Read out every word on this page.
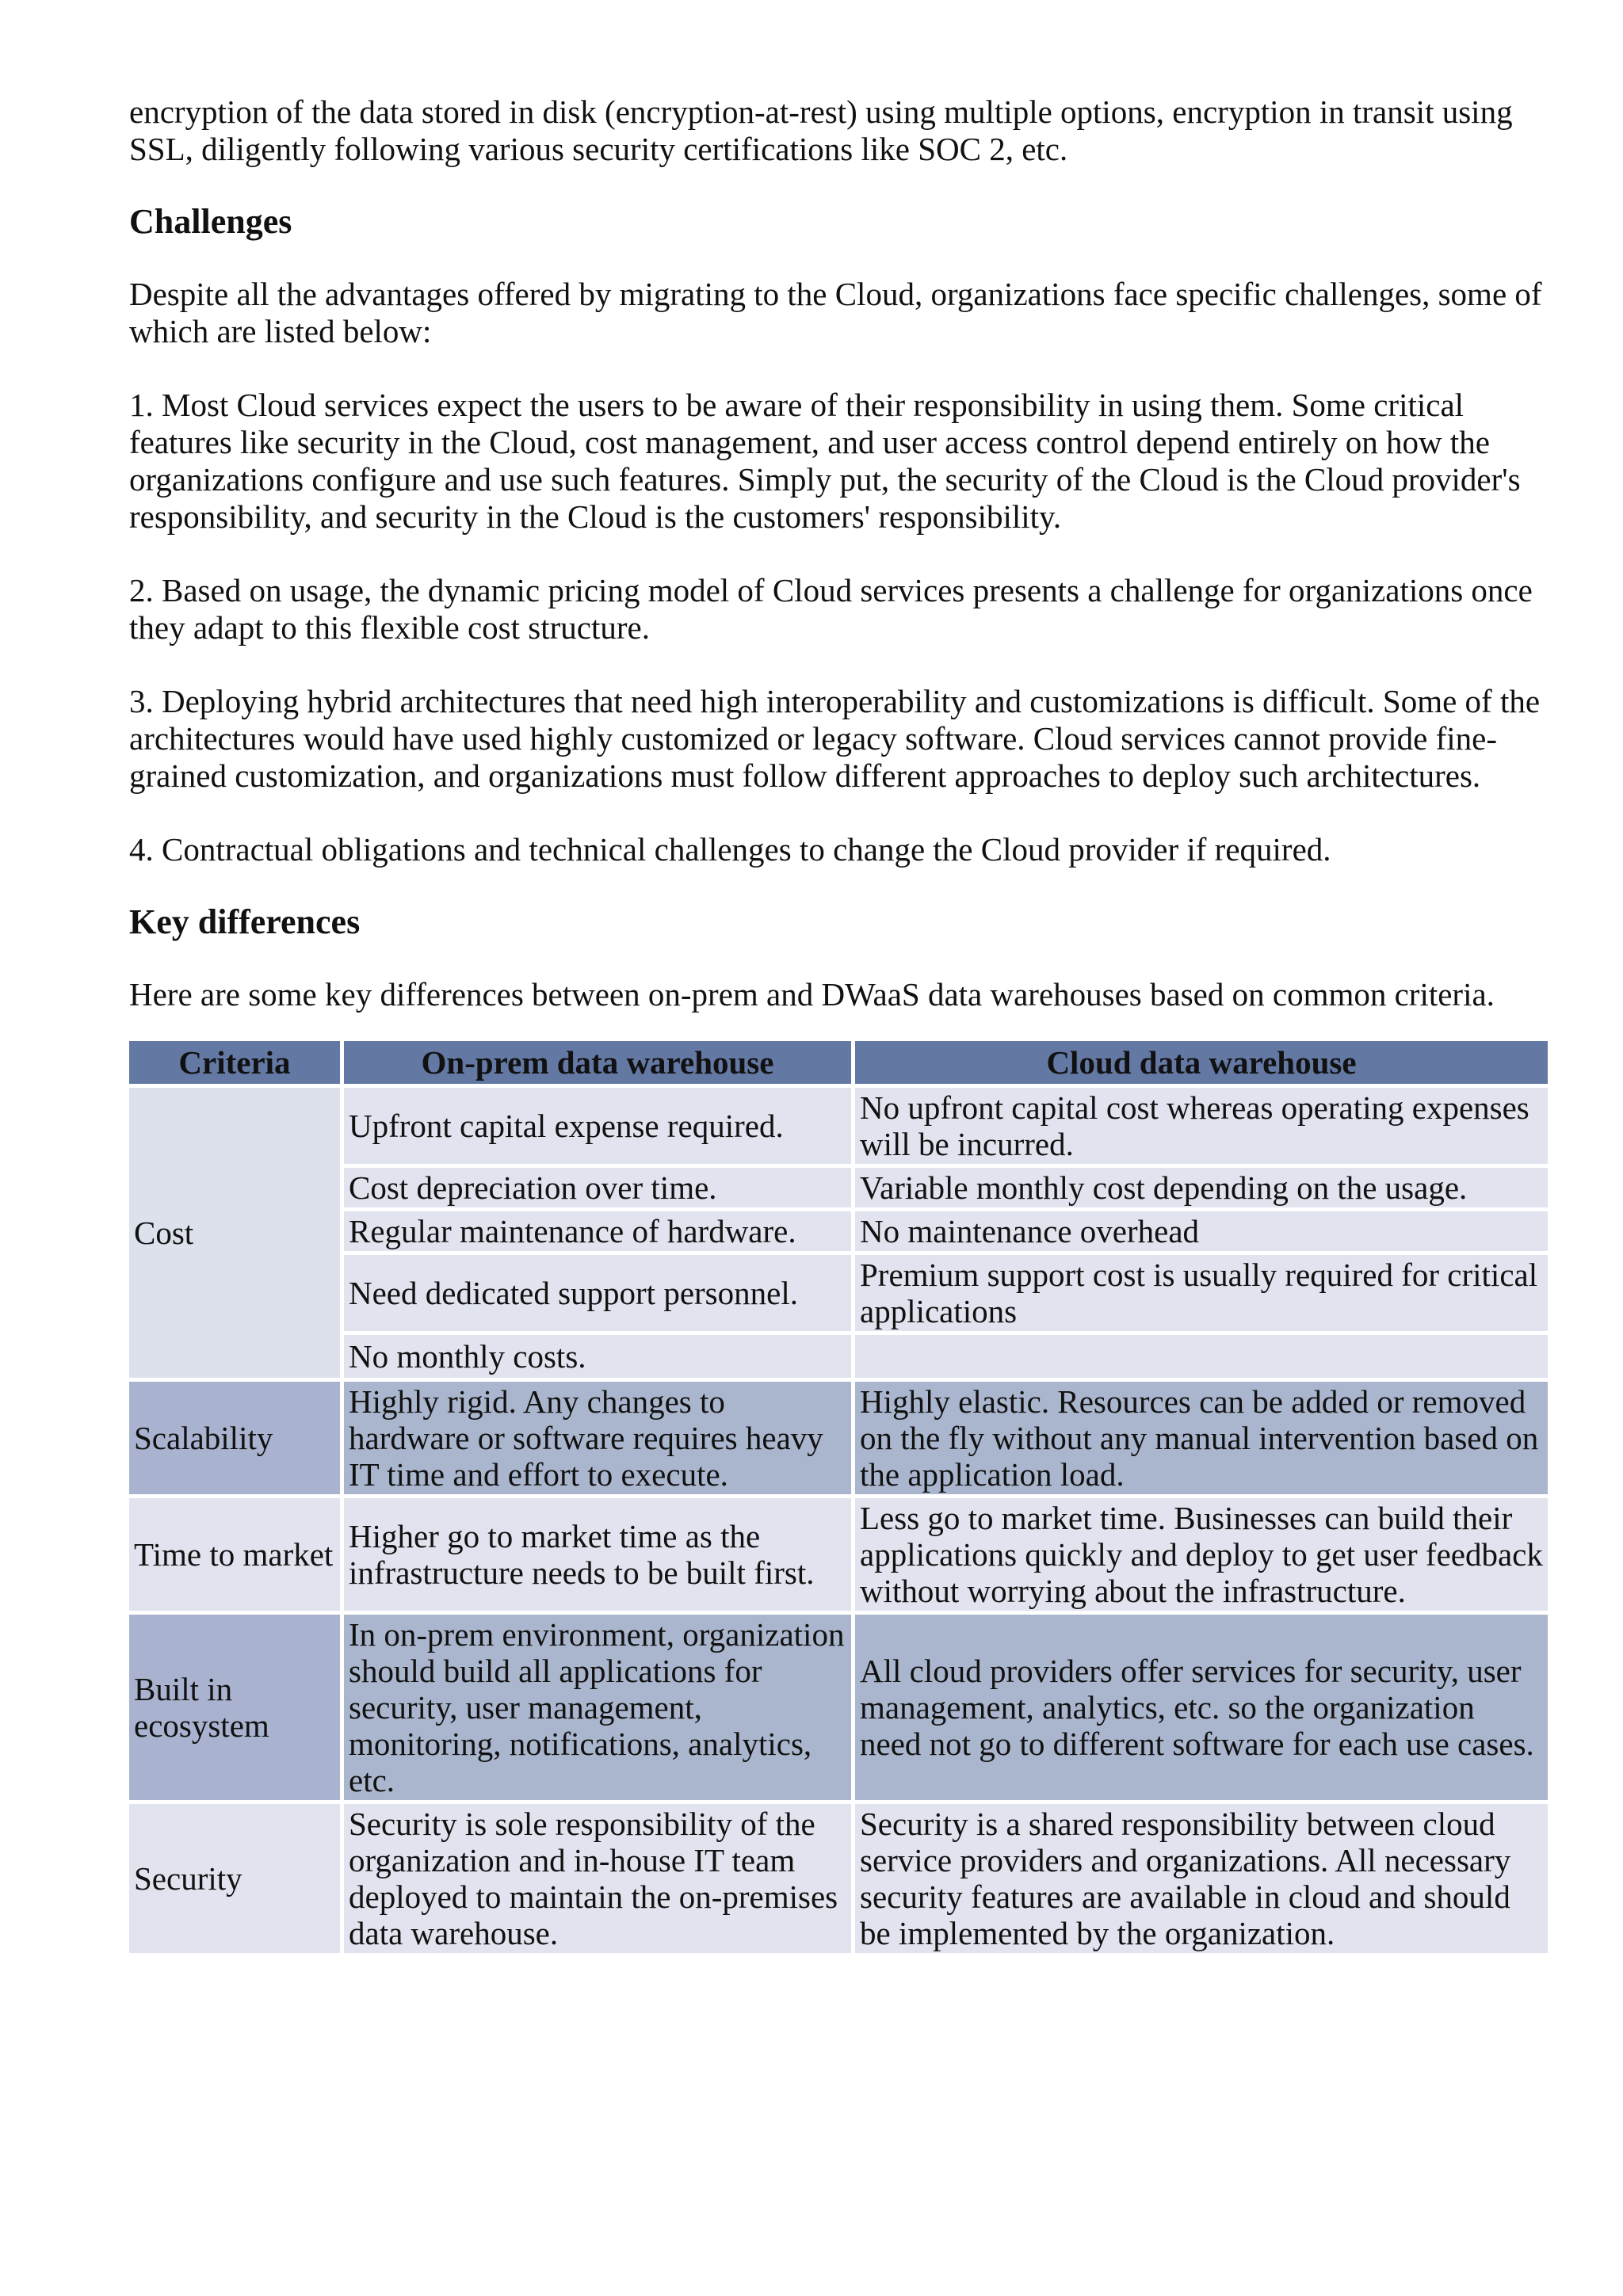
encryption of the data stored in disk (encryption-at-rest) using multiple options, encryption in transit using SSL, diligently following various security certifications like SOC 2, etc.

Challenges

Despite all the advantages offered by migrating to the Cloud, organizations face specific challenges, some of which are listed below:

1. Most Cloud services expect the users to be aware of their responsibility in using them. Some critical features like security in the Cloud, cost management, and user access control depend entirely on how the organizations configure and use such features. Simply put, the security of the Cloud is the Cloud provider's responsibility, and security in the Cloud is the customers' responsibility.

2. Based on usage, the dynamic pricing model of Cloud services presents a challenge for organizations once they adapt to this flexible cost structure.

3. Deploying hybrid architectures that need high interoperability and customizations is difficult. Some of the architectures would have used highly customized or legacy software. Cloud services cannot provide fine-grained customization, and organizations must follow different approaches to deploy such architectures.

4. Contractual obligations and technical challenges to change the Cloud provider if required.

Key differences

Here are some key differences between on-prem and DWaaS data warehouses based on common criteria.

Criteria	On-prem data warehouse	Cloud data warehouse
Cost	Upfront capital expense required.	No upfront capital cost whereas operating expenses will be incurred.
	Cost depreciation over time.	Variable monthly cost depending on the usage.
	Regular maintenance of hardware.	No maintenance overhead
	Need dedicated support personnel.	Premium support cost is usually required for critical applications
	No monthly costs.	
Scalability	Highly rigid. Any changes to hardware or software requires heavy IT time and effort to execute.	Highly elastic. Resources can be added or removed on the fly without any manual intervention based on the application load.
Time to market	Higher go to market time as the infrastructure needs to be built first.	Less go to market time. Businesses can build their applications quickly and deploy to get user feedback without worrying about the infrastructure.
Built in ecosystem	In on-prem environment, organization should build all applications for security, user management, monitoring, notifications, analytics, etc.	All cloud providers offer services for security, user management, analytics, etc. so the organization need not go to different software for each use cases.
Security	Security is sole responsibility of the organization and in-house IT team deployed to maintain the on-premises data warehouse.	Security is a shared responsibility between cloud service providers and organizations. All necessary security features are available in cloud and should be implemented by the organization.
